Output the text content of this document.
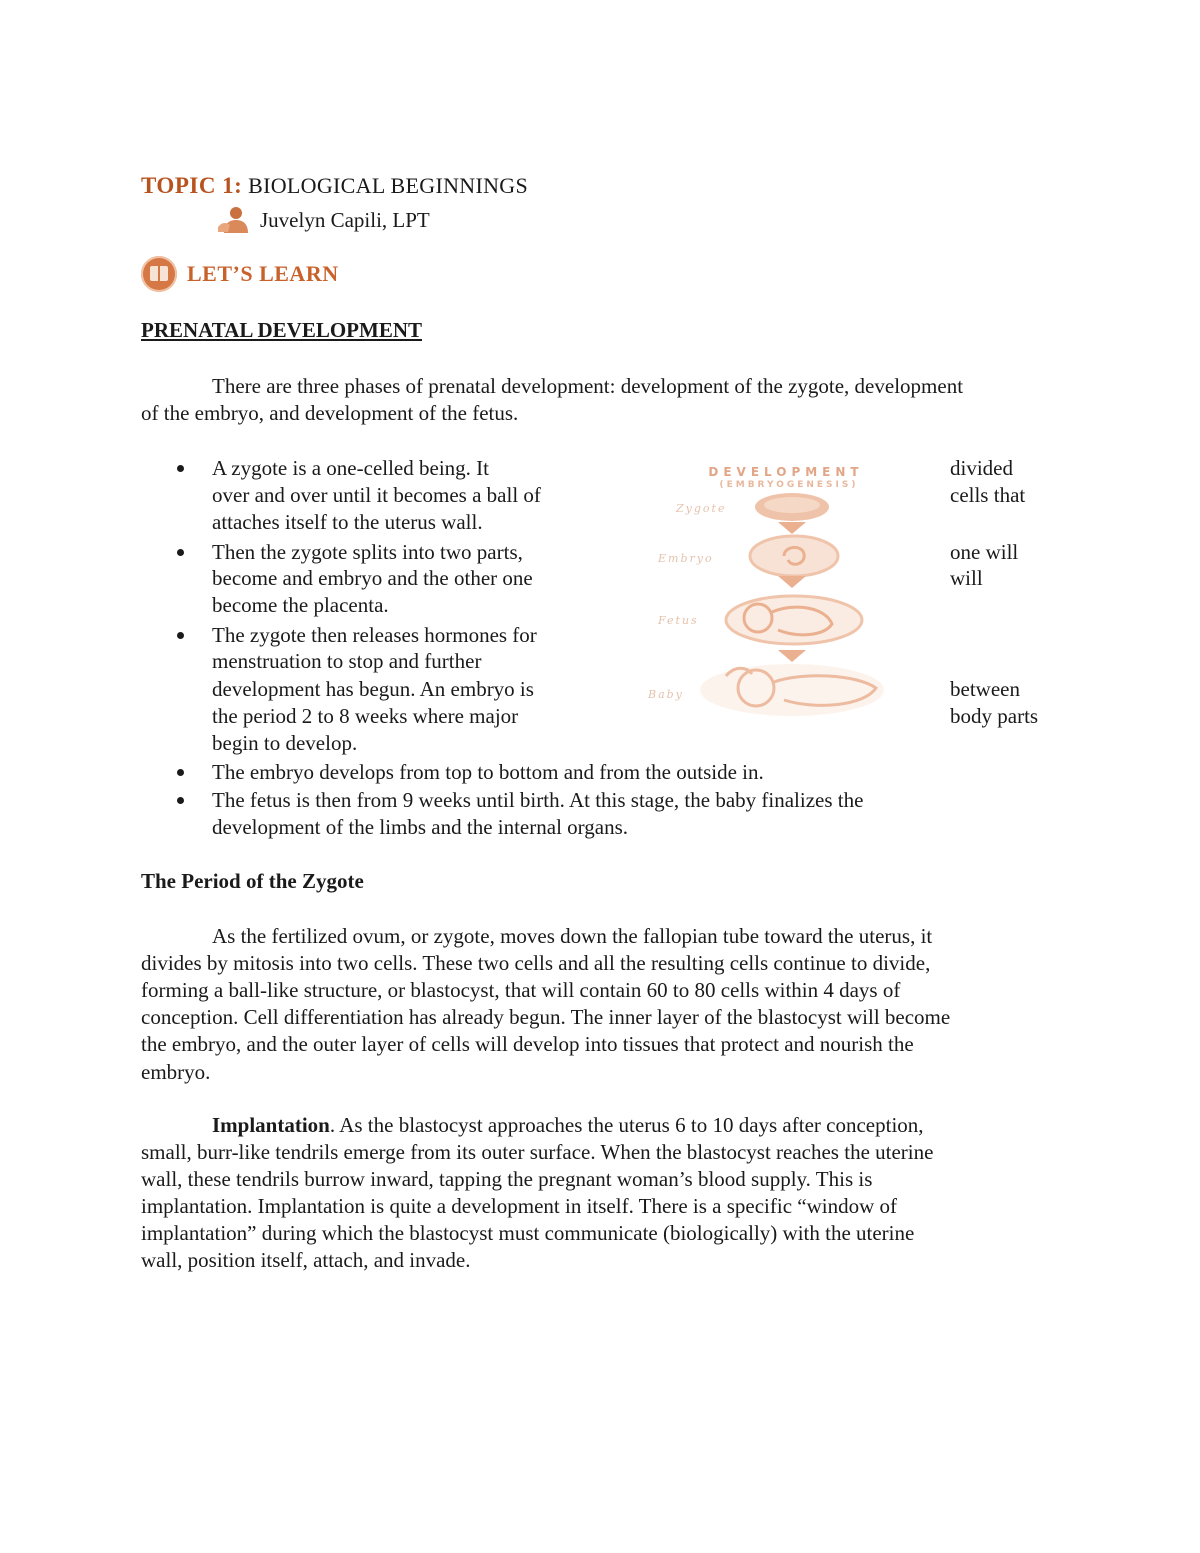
TOPIC 1: BIOLOGICAL BEGINNINGS
Juvelyn Capili, LPT
LET’S LEARN
PRENATAL DEVELOPMENT
There are three phases of prenatal development: development of the zygote, development
of the embryo, and development of the fetus.
A zygote is a one-celled being. It
over and over until it becomes a ball of
attaches itself to the uterus wall.
Then the zygote splits into two parts,
become and embryo and the other one
become the placenta.
The zygote then releases hormones for
menstruation to stop and further
development has begun. An embryo is
the period 2 to 8 weeks where major
begin to develop.
divided
cells that
one will
will
between
body parts
The embryo develops from top to bottom and from the outside in.
The fetus is then from 9 weeks until birth. At this stage, the baby finalizes the
development of the limbs and the internal organs.
DEVELOPMENT
(EMBRYOGENESIS)
Zygote
Embryo
Fetus
Baby
The Period of the Zygote
As the fertilized ovum, or zygote, moves down the fallopian tube toward the uterus, it
divides by mitosis into two cells. These two cells and all the resulting cells continue to divide,
forming a ball-like structure, or blastocyst, that will contain 60 to 80 cells within 4 days of
conception. Cell differentiation has already begun. The inner layer of the blastocyst will become
the embryo, and the outer layer of cells will develop into tissues that protect and nourish the
embryo.
Implantation. As the blastocyst approaches the uterus 6 to 10 days after conception,
small, burr-like tendrils emerge from its outer surface. When the blastocyst reaches the uterine
wall, these tendrils burrow inward, tapping the pregnant woman’s blood supply. This is
implantation. Implantation is quite a development in itself. There is a specific “window of
implantation” during which the blastocyst must communicate (biologically) with the uterine
wall, position itself, attach, and invade.
